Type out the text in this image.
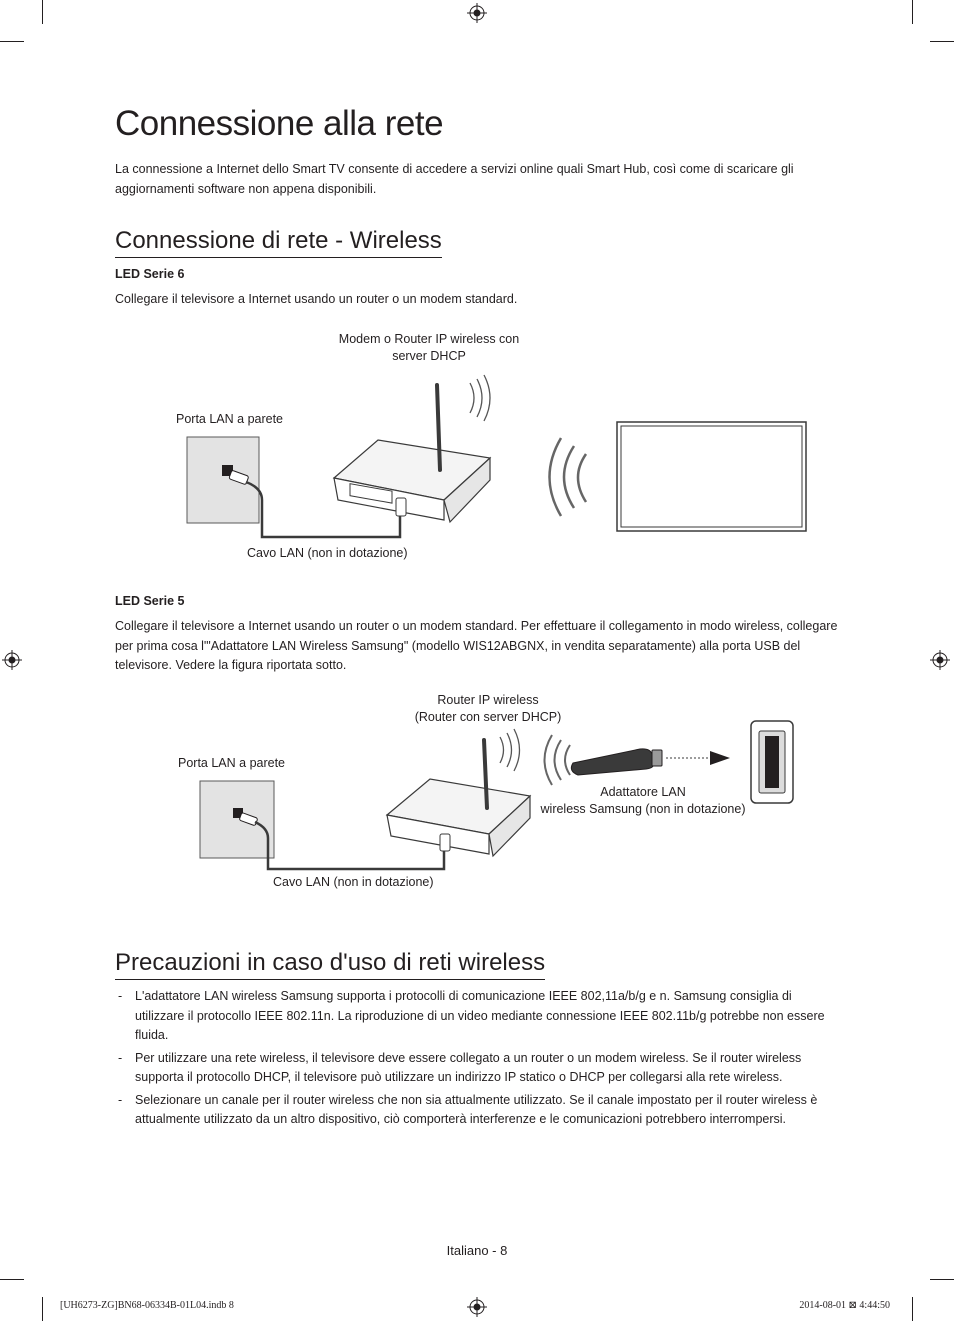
Connessione alla rete

La connessione a Internet dello Smart TV consente di accedere a servizi online quali Smart Hub, così come di scaricare gli aggiornamenti software non appena disponibili.

Connessione di rete - Wireless

LED Serie 6

Collegare il televisore a Internet usando un router o un modem standard.

Modem o Router IP wireless con
server DHCP
Porta LAN a parete
Cavo LAN (non in dotazione)

LED Serie 5

Collegare il televisore a Internet usando un router o un modem standard. Per effettuare il collegamento in modo wireless, collegare per prima cosa l'"Adattatore LAN Wireless Samsung" (modello WIS12ABGNX, in vendita separatamente) alla porta USB del televisore. Vedere la figura riportata sotto.

Router IP wireless
(Router con server DHCP)
Porta LAN a parete
Adattatore LAN
wireless Samsung (non in dotazione)
Cavo LAN (non in dotazione)
Precauzioni in caso d'uso di reti wireless
- L'adattatore LAN wireless Samsung supporta i protocolli di comunicazione IEEE 802,11a/b/g e n. Samsung consiglia di utilizzare il protocollo IEEE 802.11n. La riproduzione di un video mediante connessione IEEE 802.11b/g potrebbe non essere fluida.
- Per utilizzare una rete wireless, il televisore deve essere collegato a un router o un modem wireless. Se il router wireless supporta il protocollo DHCP, il televisore può utilizzare un indirizzo IP statico o DHCP per collegarsi alla rete wireless.
- Selezionare un canale per il router wireless che non sia attualmente utilizzato. Se il canale impostato per il router wireless è attualmente utilizzato da un altro dispositivo, ciò comporterà interferenze e le comunicazioni potrebbero interrompersi.
Italiano - 8
[UH6273-ZG]BN68-06334B-01L04.indb 8	2014-08-01 ⊠ 4:44:50
